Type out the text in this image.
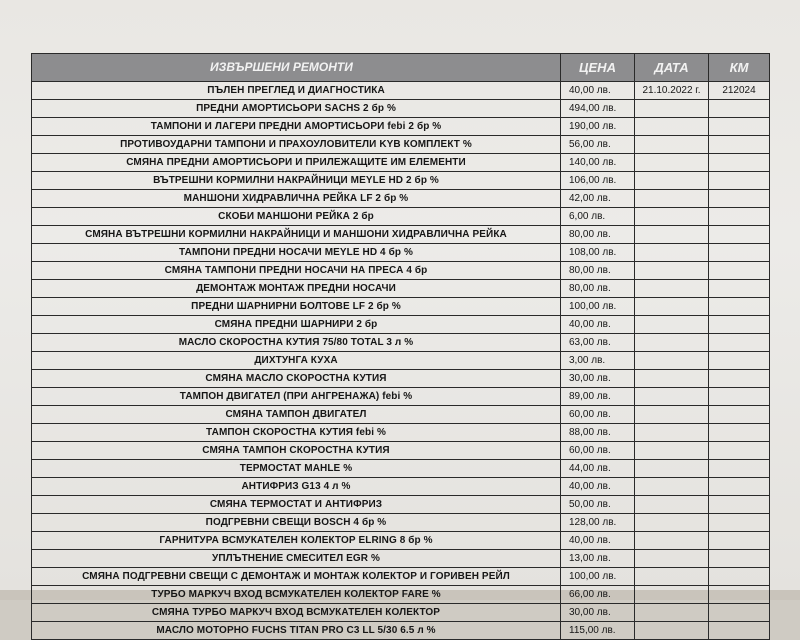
ИЗВЪРШЕНИ РЕМОНТИ	ЦЕНА	ДАТА	КМ
ПЪЛЕН ПРЕГЛЕД И ДИАГНОСТИКА	40,00 лв.	21.10.2022 г.	212024
ПРЕДНИ АМОРТИСЬОРИ SACHS 2 бр %	494,00 лв.		
ТАМПОНИ И ЛАГЕРИ ПРЕДНИ АМОРТИСЬОРИ febi 2 бр %	190,00 лв.		
ПРОТИВОУДАРНИ ТАМПОНИ И ПРАХОУЛОВИТЕЛИ KYB КОМПЛЕКТ %	56,00 лв.		
СМЯНА ПРЕДНИ АМОРТИСЬОРИ И ПРИЛЕЖАЩИТЕ ИМ ЕЛЕМЕНТИ	140,00 лв.		
ВЪТРЕШНИ КОРМИЛНИ НАКРАЙНИЦИ MEYLE HD 2 бр %	106,00 лв.		
МАНШОНИ ХИДРАВЛИЧНА РЕЙКА LF 2 бр %	42,00 лв.		
СКОБИ МАНШОНИ РЕЙКА 2 бр	6,00 лв.		
СМЯНА ВЪТРЕШНИ КОРМИЛНИ НАКРАЙНИЦИ И МАНШОНИ ХИДРАВЛИЧНА РЕЙКА	80,00 лв.		
ТАМПОНИ ПРЕДНИ НОСАЧИ MEYLE HD 4 бр %	108,00 лв.		
СМЯНА ТАМПОНИ ПРЕДНИ НОСАЧИ НА ПРЕСА 4 бр	80,00 лв.		
ДЕМОНТАЖ МОНТАЖ ПРЕДНИ НОСАЧИ	80,00 лв.		
ПРЕДНИ ШАРНИРНИ БОЛТОВЕ LF 2 бр %	100,00 лв.		
СМЯНА ПРЕДНИ ШАРНИРИ 2 бр	40,00 лв.		
МАСЛО СКОРОСТНА КУТИЯ 75/80 TOTAL 3 л %	63,00 лв.		
ДИХТУНГА КУХА	3,00 лв.		
СМЯНА МАСЛО СКОРОСТНА КУТИЯ	30,00 лв.		
ТАМПОН ДВИГАТЕЛ (ПРИ АНГРЕНАЖА) febi %	89,00 лв.		
СМЯНА ТАМПОН ДВИГАТЕЛ	60,00 лв.		
ТАМПОН СКОРОСТНА КУТИЯ febi %	88,00 лв.		
СМЯНА ТАМПОН СКОРОСТНА КУТИЯ	60,00 лв.		
ТЕРМОСТАТ MAHLE %	44,00 лв.		
АНТИФРИЗ G13 4 л %	40,00 лв.		
СМЯНА ТЕРМОСТАТ И АНТИФРИЗ	50,00 лв.		
ПОДГРЕВНИ СВЕЩИ BOSCH 4 бр %	128,00 лв.		
ГАРНИТУРА ВСМУКАТЕЛЕН КОЛЕКТОР ELRING 8 бр %	40,00 лв.		
УПЛЪТНЕНИЕ СМЕСИТЕЛ EGR %	13,00 лв.		
СМЯНА ПОДГРЕВНИ СВЕЩИ С ДЕМОНТАЖ И МОНТАЖ КОЛЕКТОР И ГОРИВЕН РЕЙЛ	100,00 лв.		
ТУРБО МАРКУЧ ВХОД ВСМУКАТЕЛЕН КОЛЕКТОР FARE %	66,00 лв.		
СМЯНА ТУРБО МАРКУЧ ВХОД ВСМУКАТЕЛЕН КОЛЕКТОР	30,00 лв.		
МАСЛО МОТОРНО FUCHS TITAN PRO C3 LL 5/30 6.5 л %	115,00 лв.		
